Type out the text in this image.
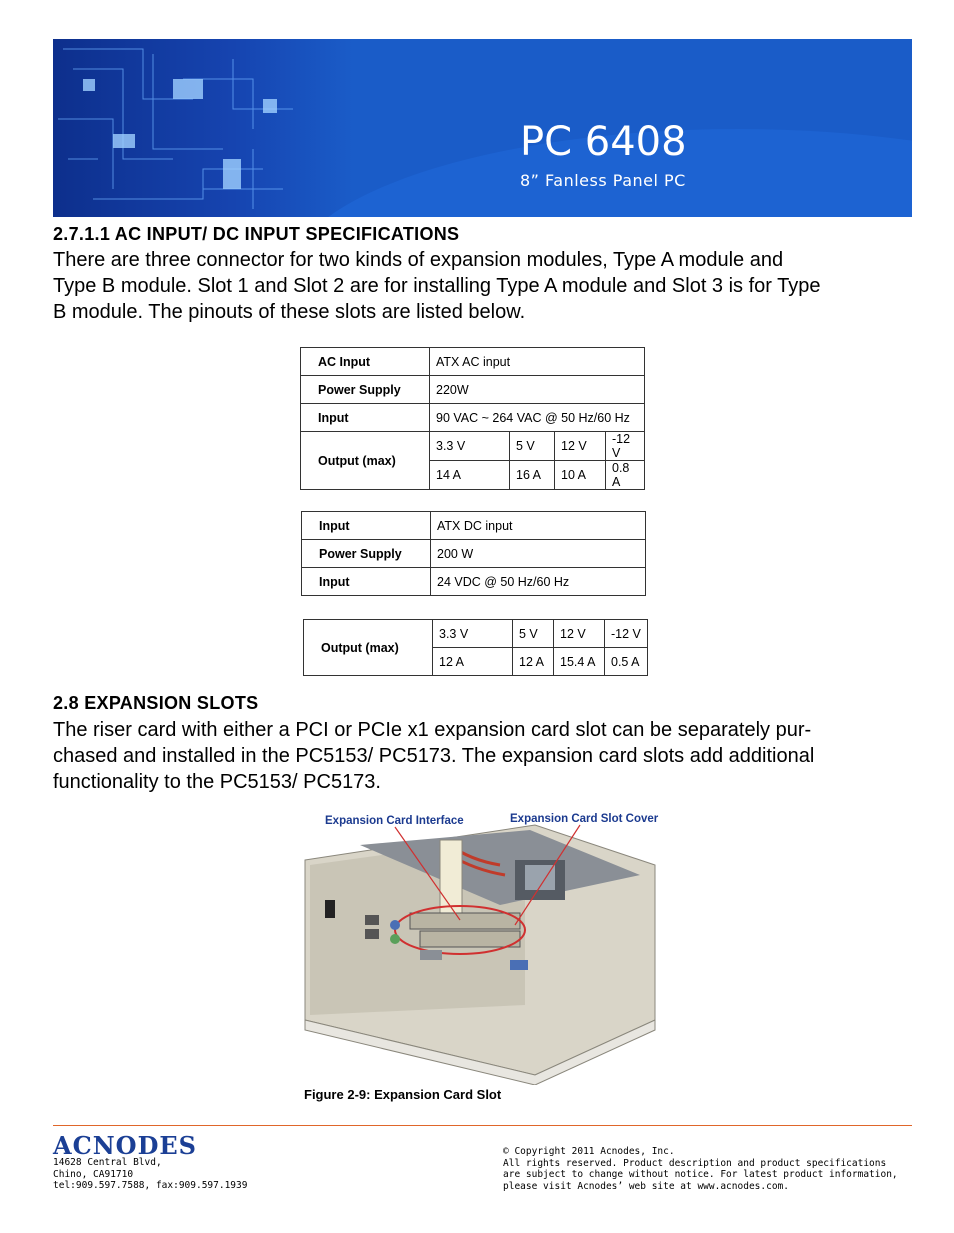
PC 6408
8” Fanless Panel PC
2.7.1.1 AC INPUT/ DC INPUT SPECIFICATIONS

There are three connector for two kinds of expansion modules, Type A module and
Type B module. Slot 1 and Slot 2 are for installing Type A module and Slot 3 is for Type
B module. The pinouts of these slots are listed below.

AC Input	ATX AC input			
Power Supply	220W			
Input	90 VAC ~ 264 VAC @ 50 Hz/60 Hz			
Output (max)	3.3 V	5 V	12 V	-12 V
	14 A	16 A	10 A	0.8 A
Input	ATX DC input
Power Supply	200 W
Input	24 VDC @ 50 Hz/60 Hz
Output (max)	3.3 V	5 V	12 V	-12 V
	12 A	12 A	15.4 A	0.5 A
2.8 EXPANSION SLOTS

The riser card with either a PCI or PCIe x1 expansion card slot can be separately pur-
chased and installed in the PC5153/ PC5173. The expansion card slots add additional
functionality to the PC5153/ PC5173.

Expansion Card Interface	Expansion Card Slot Cover
Figure 2-9: Expansion Card Slot
ACNODES
14628 Central Blvd,
Chino, CA91710
tel:909.597.7588, fax:909.597.1939
© Copyright 2011 Acnodes, Inc.
All rights reserved. Product description and product specifications
are subject to change without notice. For latest product information,
please visit Acnodes’ web site at www.acnodes.com.
